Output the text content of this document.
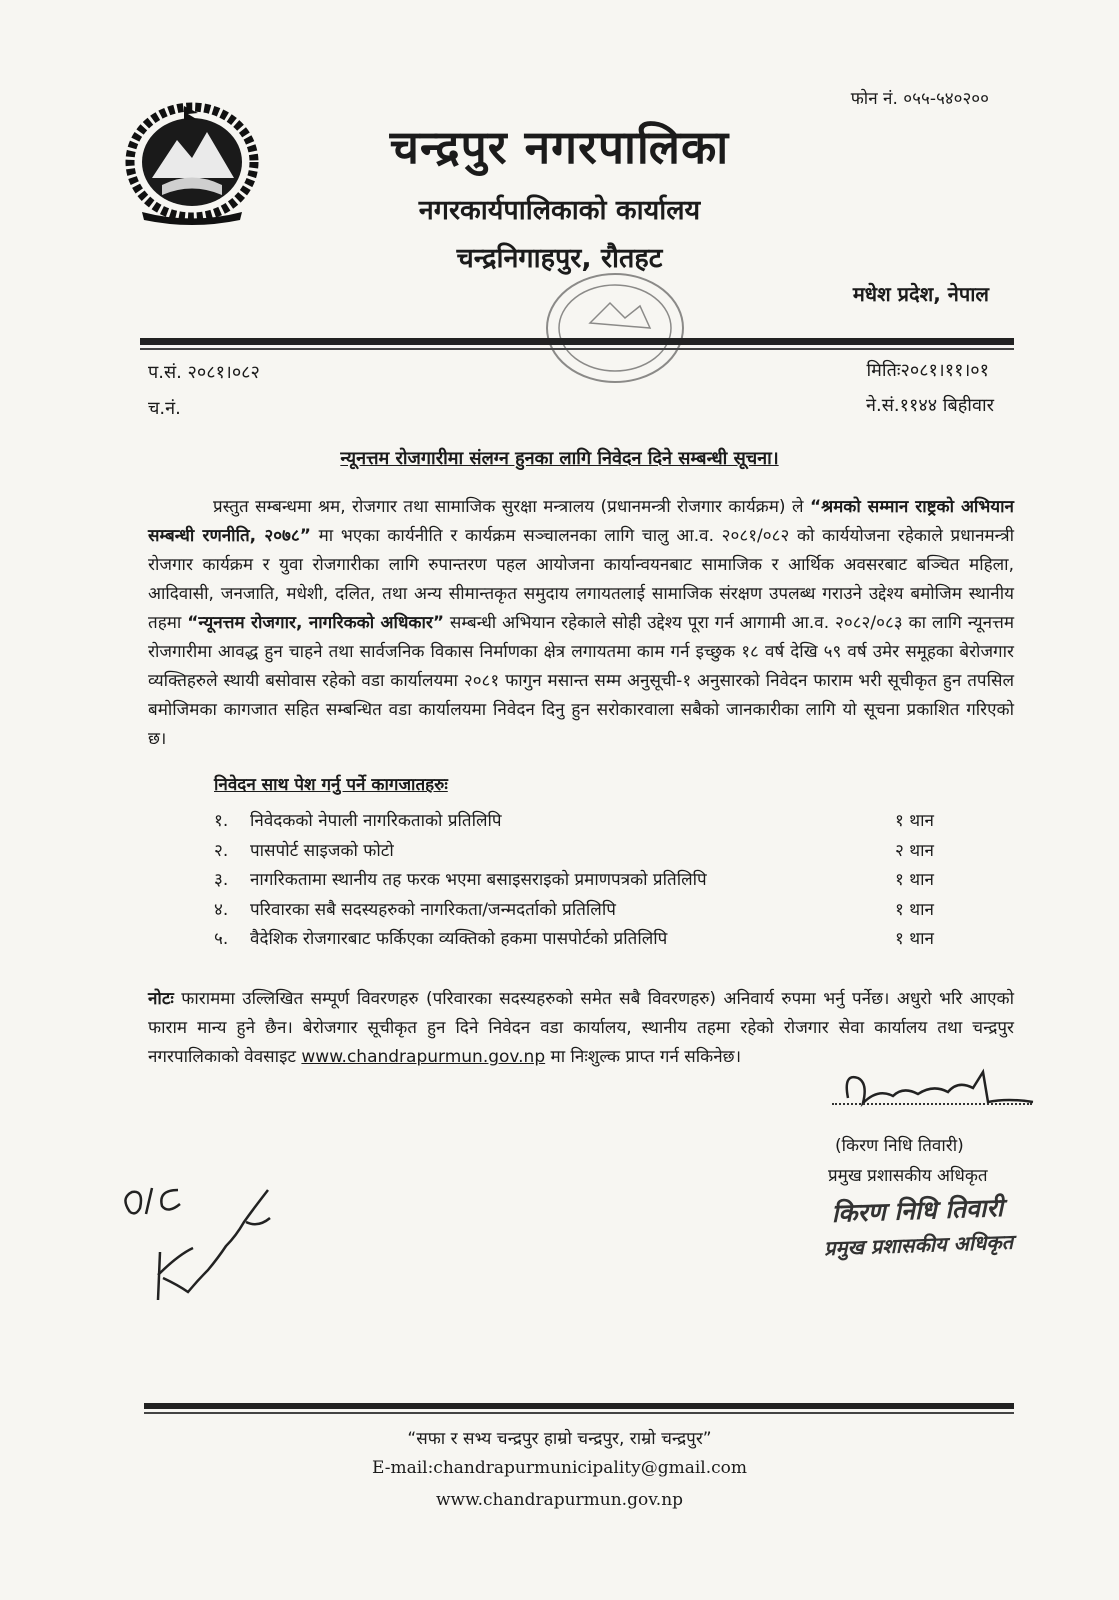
फोन नं. ०५५-५४०२००
चन्द्रपुर नगरपालिका
नगरकार्यपालिकाको कार्यालय
चन्द्रनिगाहपुर, रौतहट
मधेश प्रदेश, नेपाल
प.सं. २०८१।०८२
च.नं.
मितिः२०८१।११।०१
ने.सं.११४४ बिहीवार
न्यूनत्तम रोजगारीमा संलग्न हुनका लागि निवेदन दिने सम्बन्धी सूचना।
प्रस्तुत सम्बन्धमा श्रम, रोजगार तथा सामाजिक सुरक्षा मन्त्रालय (प्रधानमन्त्री रोजगार कार्यक्रम) ले “श्रमको सम्मान राष्ट्रको अभियान सम्बन्धी रणनीति, २०७८” मा भएका कार्यनीति र कार्यक्रम सञ्चालनका लागि चालु आ.व. २०८१/०८२ को कार्ययोजना रहेकाले प्रधानमन्त्री रोजगार कार्यक्रम र युवा रोजगारीका लागि रुपान्तरण पहल आयोजना कार्यान्वयनबाट सामाजिक र आर्थिक अवसरबाट बञ्चित महिला, आदिवासी, जनजाति, मधेशी, दलित, तथा अन्य सीमान्तकृत समुदाय लगायतलाई सामाजिक संरक्षण उपलब्ध गराउने उद्देश्य बमोजिम स्थानीय तहमा “न्यूनत्तम रोजगार, नागरिकको अधिकार” सम्बन्धी अभियान रहेकाले सोही उद्देश्य पूरा गर्न आगामी आ.व. २०८२/०८३ का लागि न्यूनत्तम रोजगारीमा आवद्ध हुन चाहने तथा सार्वजनिक विकास निर्माणका क्षेत्र लगायतमा काम गर्न इच्छुक १८ वर्ष देखि ५९ वर्ष उमेर समूहका बेरोजगार व्यक्तिहरुले स्थायी बसोवास रहेको वडा कार्यालयमा २०८१ फागुन मसान्त सम्म अनुसूची-१ अनुसारको निवेदन फाराम भरी सूचीकृत हुन तपसिल बमोजिमका कागजात सहित सम्बन्धित वडा कार्यालयमा निवेदन दिनु हुन सरोकारवाला सबैको जानकारीका लागि यो सूचना प्रकाशित गरिएको छ।
निवेदन साथ पेश गर्नु पर्ने कागजातहरुः
१.	निवेदकको नेपाली नागरिकताको प्रतिलिपि	१ थान
२.	पासपोर्ट साइजको फोटो	२ थान
३.	नागरिकतामा स्थानीय तह फरक भएमा बसाइसराइको प्रमाणपत्रको प्रतिलिपि	१ थान
४.	परिवारका सबै सदस्यहरुको नागरिकता/जन्मदर्ताको प्रतिलिपि	१ थान
५.	वैदेशिक रोजगारबाट फर्किएका व्यक्तिको हकमा पासपोर्टको प्रतिलिपि	१ थान
नोटः फाराममा उल्लिखित सम्पूर्ण विवरणहरु (परिवारका सदस्यहरुको समेत सबै विवरणहरु) अनिवार्य रुपमा भर्नु पर्नेछ। अधुरो भरि आएको फाराम मान्य हुने छैन। बेरोजगार सूचीकृत हुन दिने निवेदन वडा कार्यालय, स्थानीय तहमा रहेको रोजगार सेवा कार्यालय तथा चन्द्रपुर नगरपालिकाको वेवसाइट www.chandrapurmun.gov.np मा निःशुल्क प्राप्त गर्न सकिनेछ।
(किरण निधि तिवारी)
प्रमुख प्रशासकीय अधिकृत
किरण निधि तिवारी
प्रमुख प्रशासकीय अधिकृत
“सफा र सभ्य चन्द्रपुर हाम्रो चन्द्रपुर, राम्रो चन्द्रपुर”
E-mail:chandrapurmunicipality@gmail.com
www.chandrapurmun.gov.np
